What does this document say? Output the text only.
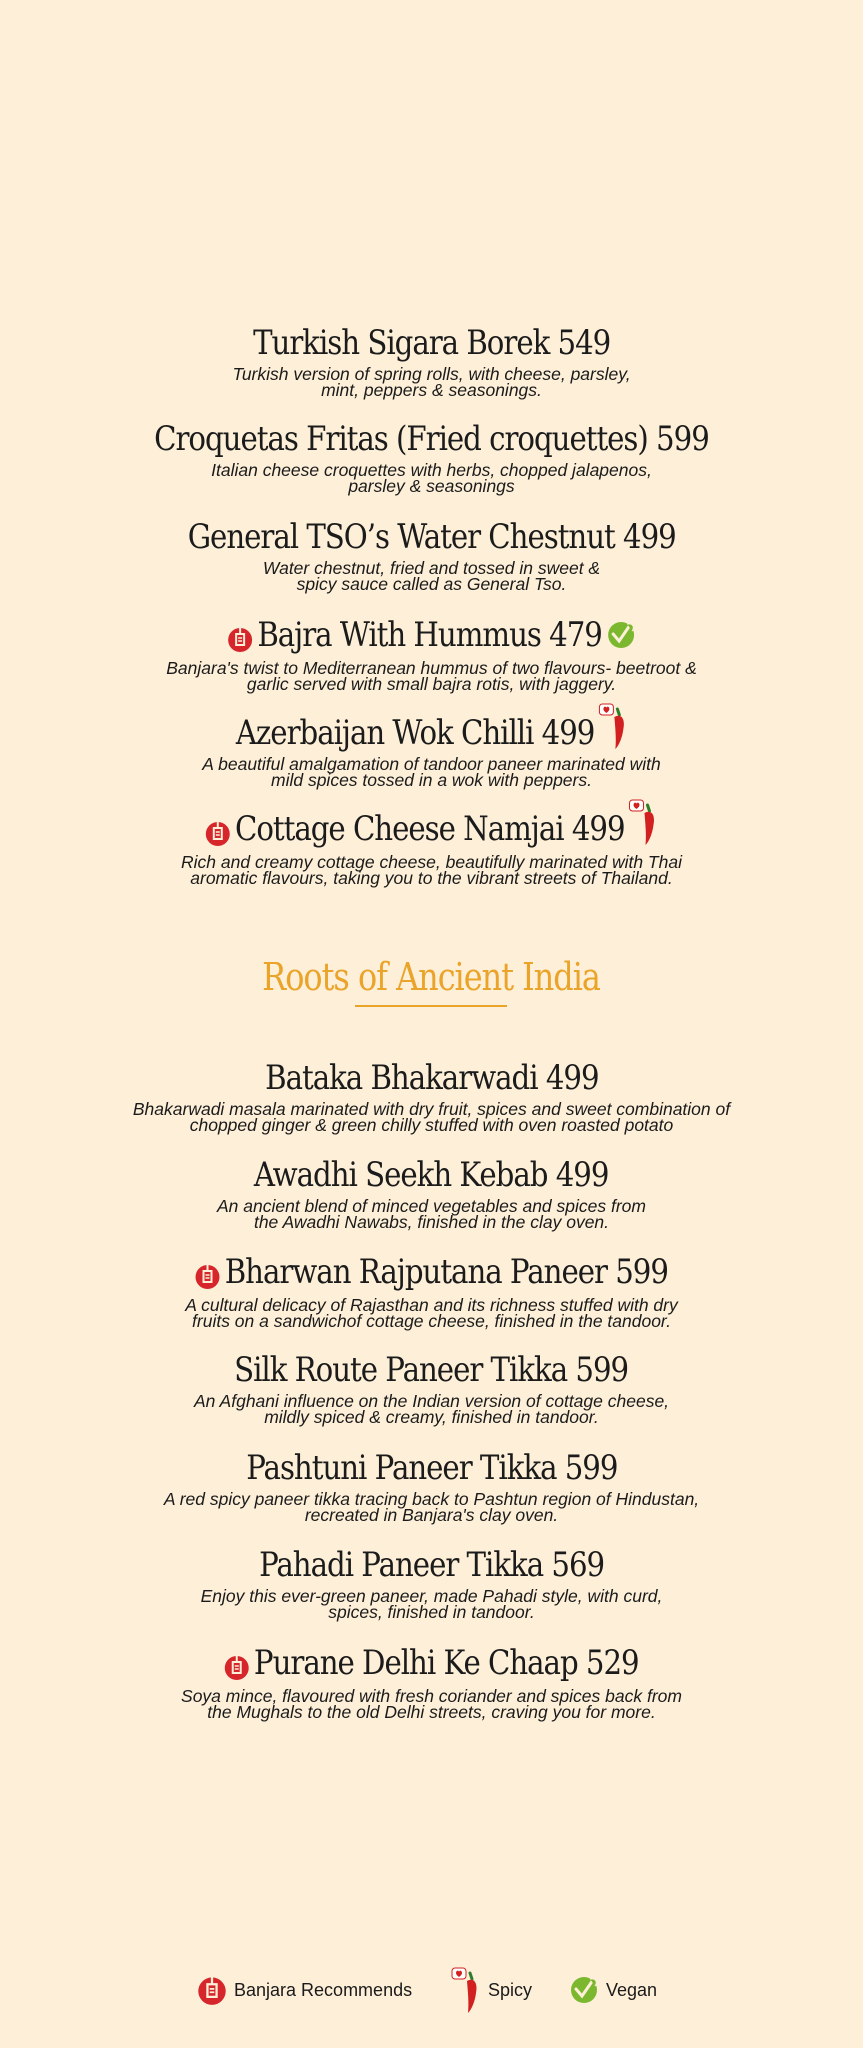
Turkish Sigara Borek 549
Turkish version of spring rolls, with cheese, parsley,
mint, peppers & seasonings.
Croquetas Fritas (Fried croquettes) 599
Italian cheese croquettes with herbs, chopped jalapenos,
parsley & seasonings
General TSO’s Water Chestnut 499
Water chestnut, fried and tossed in sweet &
spicy sauce called as General Tso.
Bajra With Hummus 479
Banjara's twist to Mediterranean hummus of two flavours- beetroot &
garlic served with small bajra rotis, with jaggery.
Azerbaijan Wok Chilli 499
A beautiful amalgamation of tandoor paneer marinated with
mild spices tossed in a wok with peppers.
Cottage Cheese Namjai 499
Rich and creamy cottage cheese, beautifully marinated with Thai
aromatic flavours, taking you to the vibrant streets of Thailand.
Roots of Ancient India
Bataka Bhakarwadi 499
Bhakarwadi masala marinated with dry fruit, spices and sweet combination of
chopped ginger & green chilly stuffed with oven roasted potato
Awadhi Seekh Kebab 499
An ancient blend of minced vegetables and spices from
the Awadhi Nawabs, finished in the clay oven.
Bharwan Rajputana Paneer 599
A cultural delicacy of Rajasthan and its richness stuffed with dry
fruits on a sandwichof cottage cheese, finished in the tandoor.
Silk Route Paneer Tikka 599
An Afghani influence on the Indian version of cottage cheese,
mildly spiced & creamy, finished in tandoor.
Pashtuni Paneer Tikka 599
A red spicy paneer tikka tracing back to Pashtun region of Hindustan,
recreated in Banjara's clay oven.
Pahadi Paneer Tikka 569
Enjoy this ever-green paneer, made Pahadi style, with curd,
spices, finished in tandoor.
Purane Delhi Ke Chaap 529
Soya mince, flavoured with fresh coriander and spices back from
the Mughals to the old Delhi streets, craving you for more.
Banjara Recommends	Spicy	Vegan
